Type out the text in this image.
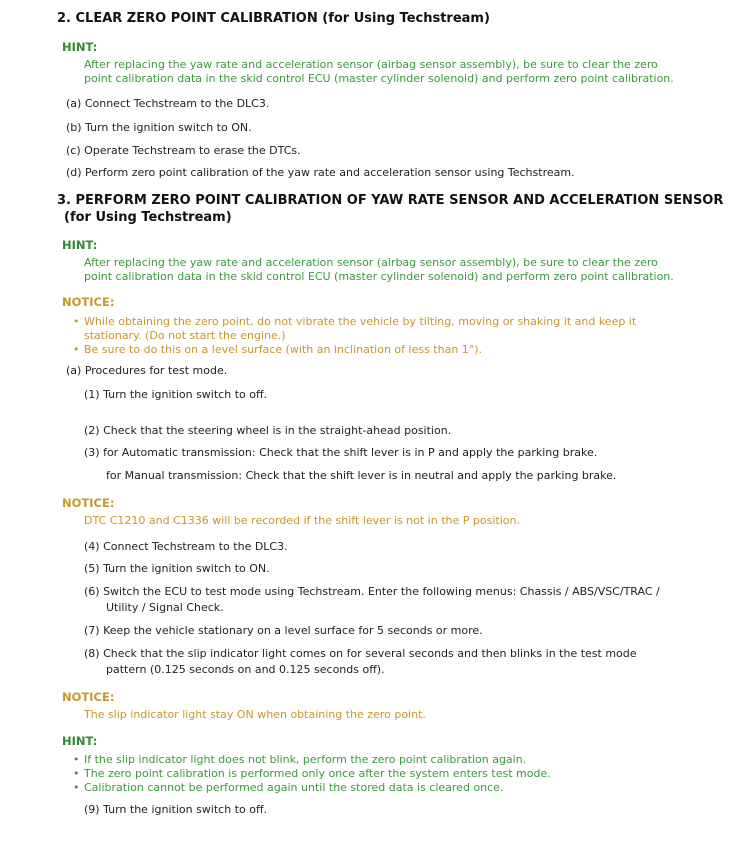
2. CLEAR ZERO POINT CALIBRATION (for Using Techstream)
HINT:
After replacing the yaw rate and acceleration sensor (airbag sensor assembly), be sure to clear the zero
point calibration data in the skid control ECU (master cylinder solenoid) and perform zero point calibration.
(a) Connect Techstream to the DLC3.
(b) Turn the ignition switch to ON.
(c) Operate Techstream to erase the DTCs.
(d) Perform zero point calibration of the yaw rate and acceleration sensor using Techstream.
3. PERFORM ZERO POINT CALIBRATION OF YAW RATE SENSOR AND ACCELERATION SENSOR
(for Using Techstream)
HINT:
After replacing the yaw rate and acceleration sensor (airbag sensor assembly), be sure to clear the zero
point calibration data in the skid control ECU (master cylinder solenoid) and perform zero point calibration.
NOTICE:
• While obtaining the zero point, do not vibrate the vehicle by tilting, moving or shaking it and keep it
stationary. (Do not start the engine.)
• Be sure to do this on a level surface (with an inclination of less than 1°).
(a) Procedures for test mode.
(1) Turn the ignition switch to off.
(2) Check that the steering wheel is in the straight-ahead position.
(3) for Automatic transmission: Check that the shift lever is in P and apply the parking brake.
for Manual transmission: Check that the shift lever is in neutral and apply the parking brake.
NOTICE:
DTC C1210 and C1336 will be recorded if the shift lever is not in the P position.
(4) Connect Techstream to the DLC3.
(5) Turn the ignition switch to ON.
(6) Switch the ECU to test mode using Techstream. Enter the following menus: Chassis / ABS/VSC/TRAC /
Utility / Signal Check.
(7) Keep the vehicle stationary on a level surface for 5 seconds or more.
(8) Check that the slip indicator light comes on for several seconds and then blinks in the test mode
pattern (0.125 seconds on and 0.125 seconds off).
NOTICE:
The slip indicator light stay ON when obtaining the zero point.
HINT:
• If the slip indicator light does not blink, perform the zero point calibration again.
• The zero point calibration is performed only once after the system enters test mode.
• Calibration cannot be performed again until the stored data is cleared once.
(9) Turn the ignition switch to off.
